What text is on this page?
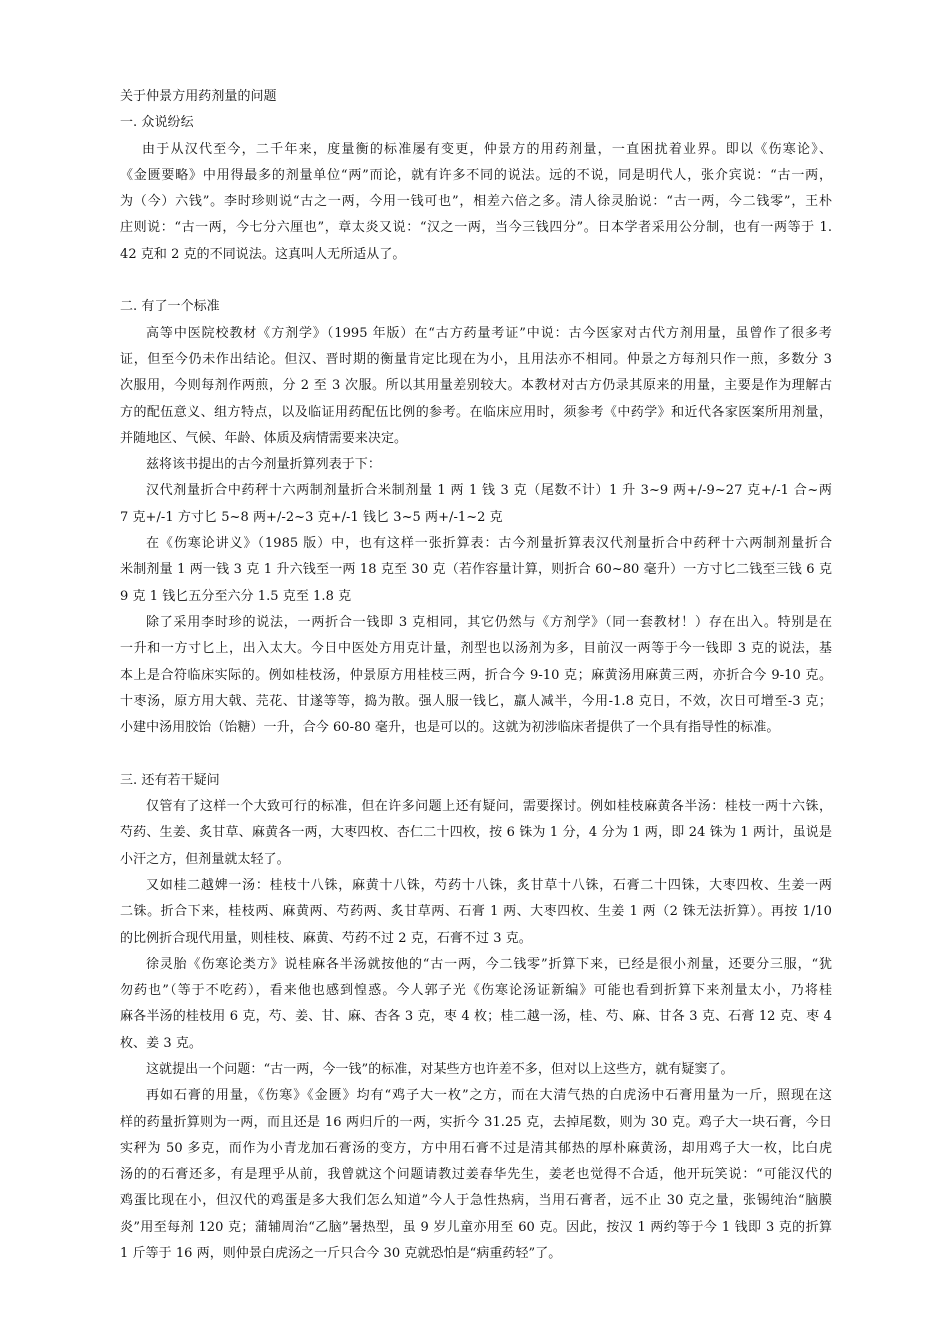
关于仲景方用药剂量的问题
一. 众说纷纭
由于从汉代至今，二千年来，度量衡的标准屡有变更，仲景方的用药剂量，一直困扰着业界。即以《伤寒论》、
《金匮要略》中用得最多的剂量单位“两”而论，就有许多不同的说法。远的不说，同是明代人，张介宾说：“古一两，
为（今）六钱”。李时珍则说“古之一两，今用一钱可也”，相差六倍之多。清人徐灵胎说：“古一两，今二钱零”，王朴
庄则说：“古一两，今七分六厘也”，章太炎又说：“汉之一两，当今三钱四分”。日本学者采用公分制，也有一两等于 1.
42 克和 2 克的不同说法。这真叫人无所适从了。
二. 有了一个标准
高等中医院校教材《方剂学》（1995 年版）在“古方药量考证”中说：古今医家对古代方剂用量，虽曾作了很多考
证，但至今仍未作出结论。但汉、晋时期的衡量肯定比现在为小，且用法亦不相同。仲景之方每剂只作一煎，多数分 3
次服用，今则每剂作两煎，分 2 至 3 次服。所以其用量差别较大。本教材对古方仍录其原来的用量，主要是作为理解古
方的配伍意义、组方特点，以及临证用药配伍比例的参考。在临床应用时，须参考《中药学》和近代各家医案所用剂量，
并随地区、气候、年龄、体质及病情需要来决定。
兹将该书提出的古今剂量折算列表于下：
汉代剂量折合中药秤十六两制剂量折合米制剂量 1 两 1 钱 3 克（尾数不计）1 升 3~9 两+/-9~27 克+/-1 合~两
7 克+/-1 方寸匕 5~8 两+/-2~3 克+/-1 钱匕 3~5 两+/-1~2 克
在《伤寒论讲义》（1985 版）中，也有这样一张折算表：古今剂量折算表汉代剂量折合中药秤十六两制剂量折合
米制剂量 1 两一钱 3 克 1 升六钱至一两 18 克至 30 克（若作容量计算，则折合 60~80 毫升）一方寸匕二钱至三钱 6 克
9 克 1 钱匕五分至六分 1.5 克至 1.8 克
除了采用李时珍的说法，一两折合一钱即 3 克相同，其它仍然与《方剂学》（同一套教材！）存在出入。特别是在
一升和一方寸匕上，出入太大。今日中医处方用克计量，剂型也以汤剂为多，目前汉一两等于今一钱即 3 克的说法，基
本上是合符临床实际的。例如桂枝汤，仲景原方用桂枝三两，折合今 9-10 克；麻黄汤用麻黄三两，亦折合今 9-10 克。
十枣汤，原方用大戟、芫花、甘遂等等，捣为散。强人服一钱匕，羸人减半，今用-1.8 克日，不效，次日可增至-3 克；
小建中汤用胶饴（饴糖）一升，合今 60-80 毫升，也是可以的。这就为初涉临床者提供了一个具有指导性的标准。
三. 还有若干疑问
仅管有了这样一个大致可行的标准，但在许多问题上还有疑问，需要探讨。例如桂枝麻黄各半汤：桂枝一两十六铢，
芍药、生姜、炙甘草、麻黄各一两，大枣四枚、杏仁二十四枚，按 6 铢为 1 分，4 分为 1 两，即 24 铢为 1 两计，虽说是
小汗之方，但剂量就太轻了。
又如桂二越婢一汤：桂枝十八铢，麻黄十八铢，芍药十八铢，炙甘草十八铢，石膏二十四铢，大枣四枚、生姜一两
二铢。折合下来，桂枝两、麻黄两、芍药两、炙甘草两、石膏 1 两、大枣四枚、生姜 1 两（2 铢无法折算）。再按 1/10
的比例折合现代用量，则桂枝、麻黄、芍药不过 2 克，石膏不过 3 克。
徐灵胎《伤寒论类方》说桂麻各半汤就按他的“古一两，今二钱零”折算下来，已经是很小剂量，还要分三服，“犹
勿药也”（等于不吃药），看来他也感到惶惑。今人郭子光《伤寒论汤证新编》可能也看到折算下来剂量太小，乃将桂
麻各半汤的桂枝用 6 克，芍、姜、甘、麻、杏各 3 克，枣 4 枚；桂二越一汤，桂、芍、麻、甘各 3 克、石膏 12 克、枣 4
枚、姜 3 克。
这就提出一个问题：“古一两，今一钱”的标准，对某些方也许差不多，但对以上这些方，就有疑窦了。
再如石膏的用量，《伤寒》《金匮》均有“鸡子大一枚”之方，而在大清气热的白虎汤中石膏用量为一斤，照现在这
样的药量折算则为一两，而且还是 16 两归斤的一两，实折今 31.25 克，去掉尾数，则为 30 克。鸡子大一块石膏，今日
实秤为 50 多克，而作为小青龙加石膏汤的变方，方中用石膏不过是清其郁热的厚朴麻黄汤，却用鸡子大一枚，比白虎
汤的的石膏还多，有是理乎从前，我曾就这个问题请教过姜春华先生，姜老也觉得不合适，他开玩笑说：“可能汉代的
鸡蛋比现在小，但汉代的鸡蛋是多大我们怎么知道”今人于急性热病，当用石膏者，远不止 30 克之量，张锡纯治“脑膜
炎”用至每剂 120 克；蒲辅周治“乙脑”暑热型，虽 9 岁儿童亦用至 60 克。因此，按汉 1 两约等于今 1 钱即 3 克的折算
1 斤等于 16 两，则仲景白虎汤之一斤只合今 30 克就恐怕是“病重药轻”了。
